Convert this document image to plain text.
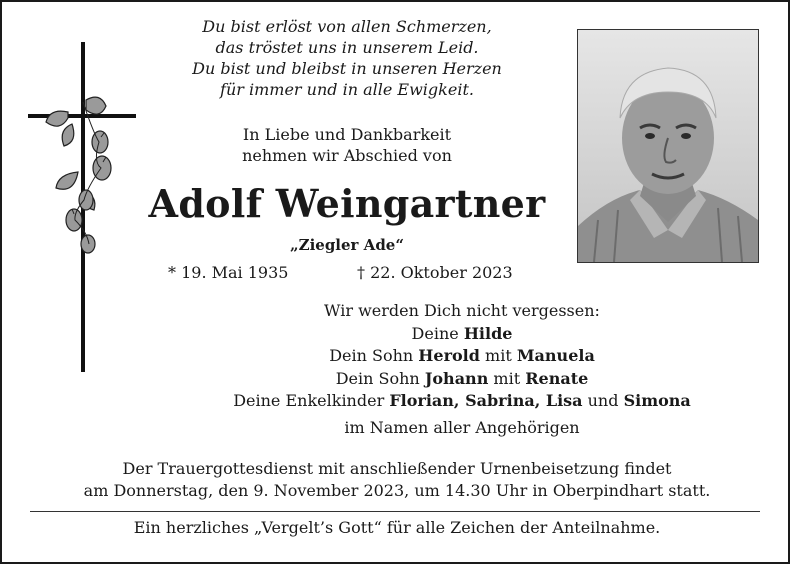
Du bist erlöst von allen Schmerzen,
das tröstet uns in unserem Leid.
Du bist und bleibst in unseren Herzen
für immer und in alle Ewigkeit.
In Liebe und Dankbarkeit
nehmen wir Abschied von
Adolf Weingartner
„Ziegler Ade“
* 19. Mai 1935	† 22. Oktober 2023
Wir werden Dich nicht vergessen:
Deine Hilde
Dein Sohn Herold mit Manuela
Dein Sohn Johann mit Renate
Deine Enkelkinder Florian, Sabrina, Lisa und Simona
im Namen aller Angehörigen
Der Trauergottesdienst mit anschließender Urnenbeisetzung findet
am Donnerstag, den 9. November 2023, um 14.30 Uhr in Oberpindhart statt.
Ein herzliches „Vergelt’s Gott“ für alle Zeichen der Anteilnahme.
